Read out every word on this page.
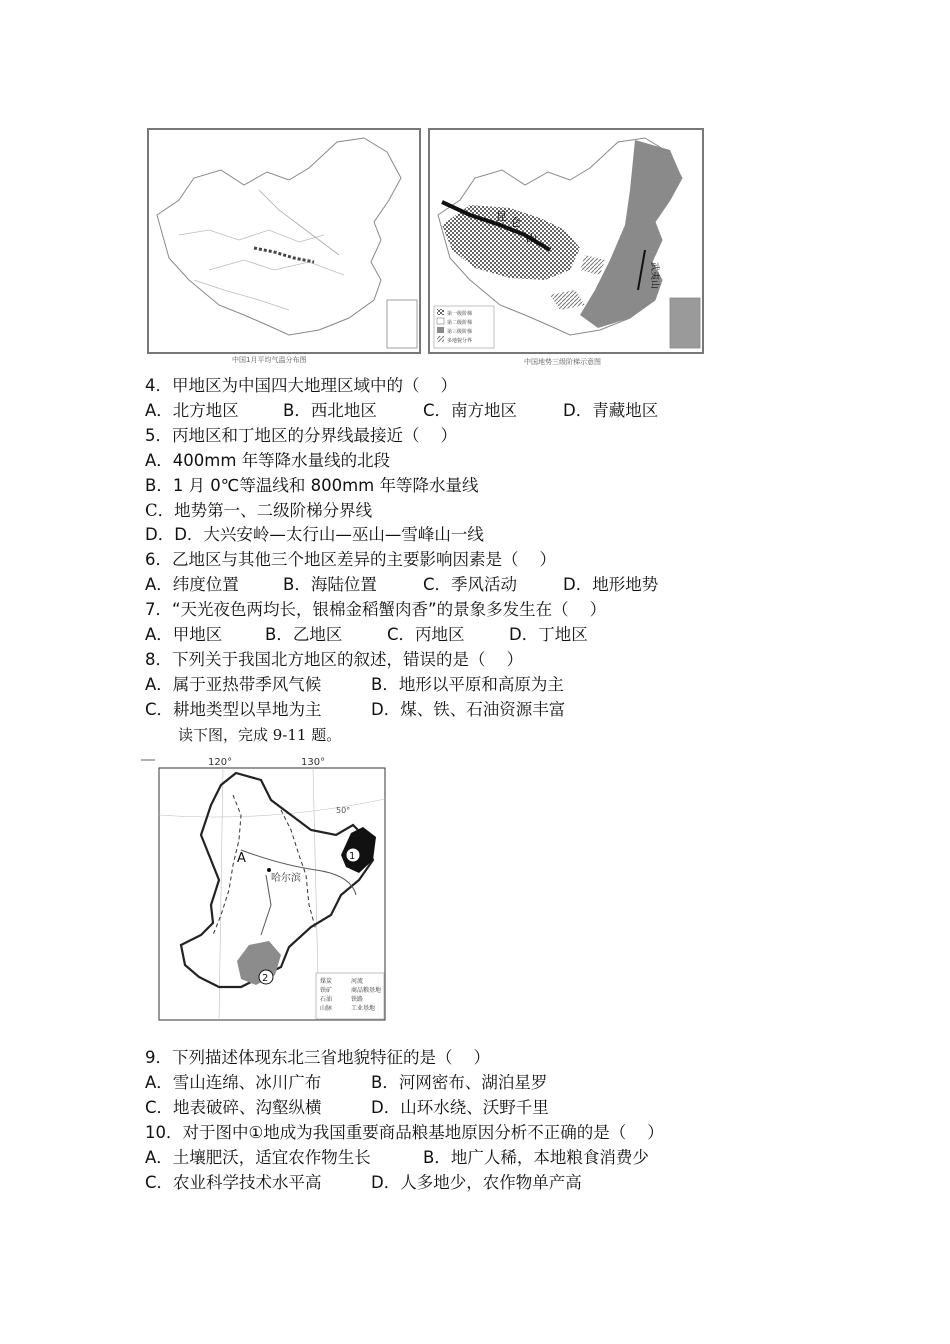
中国1月平均气温分布图
昆 仑
山
武夷山
第一级阶梯
第二级阶梯
第三级阶梯
多地貌分界
中国地势三级阶梯示意图
4．甲地区为中国四大地理区域中的（    ）
A．北方地区	B．西北地区	C．南方地区	D．青藏地区
5．丙地区和丁地区的分界线最接近（    ）
A．400mm 年等降水量线的北段
B．1 月 0℃等温线和 800mm 年等降水量线
C．地势第一、二级阶梯分界线
D．D．大兴安岭—太行山—巫山—雪峰山一线
6．乙地区与其他三个地区差异的主要影响因素是（    ）
A．纬度位置	B．海陆位置	C．季风活动	D．地形地势
7．“天光夜色两均长，银棉金稻蟹肉香”的景象多发生在（    ）
A．甲地区	B．乙地区	C．丙地区	D．丁地区
8．下列关于我国北方地区的叙述，错误的是（    ）
A．属于亚热带季风气候	B．地形以平原和高原为主
C．耕地类型以旱地为主	D．煤、铁、石油资源丰富
读下图，完成 9-11 题。
120°	130°
50°
1
2
A
哈尔滨
煤炭
铁矿
石油
山脉
河流
商品粮基地
铁路
工业基地
9．下列描述体现东北三省地貌特征的是（    ）
A．雪山连绵、冰川广布	B．河网密布、湖泊星罗
C．地表破碎、沟壑纵横	D．山环水绕、沃野千里
10．对于图中①地成为我国重要商品粮基地原因分析不正确的是（    ）
A．土壤肥沃，适宜农作物生长	B．地广人稀，本地粮食消费少
C．农业科学技术水平高	D．人多地少，农作物单产高
